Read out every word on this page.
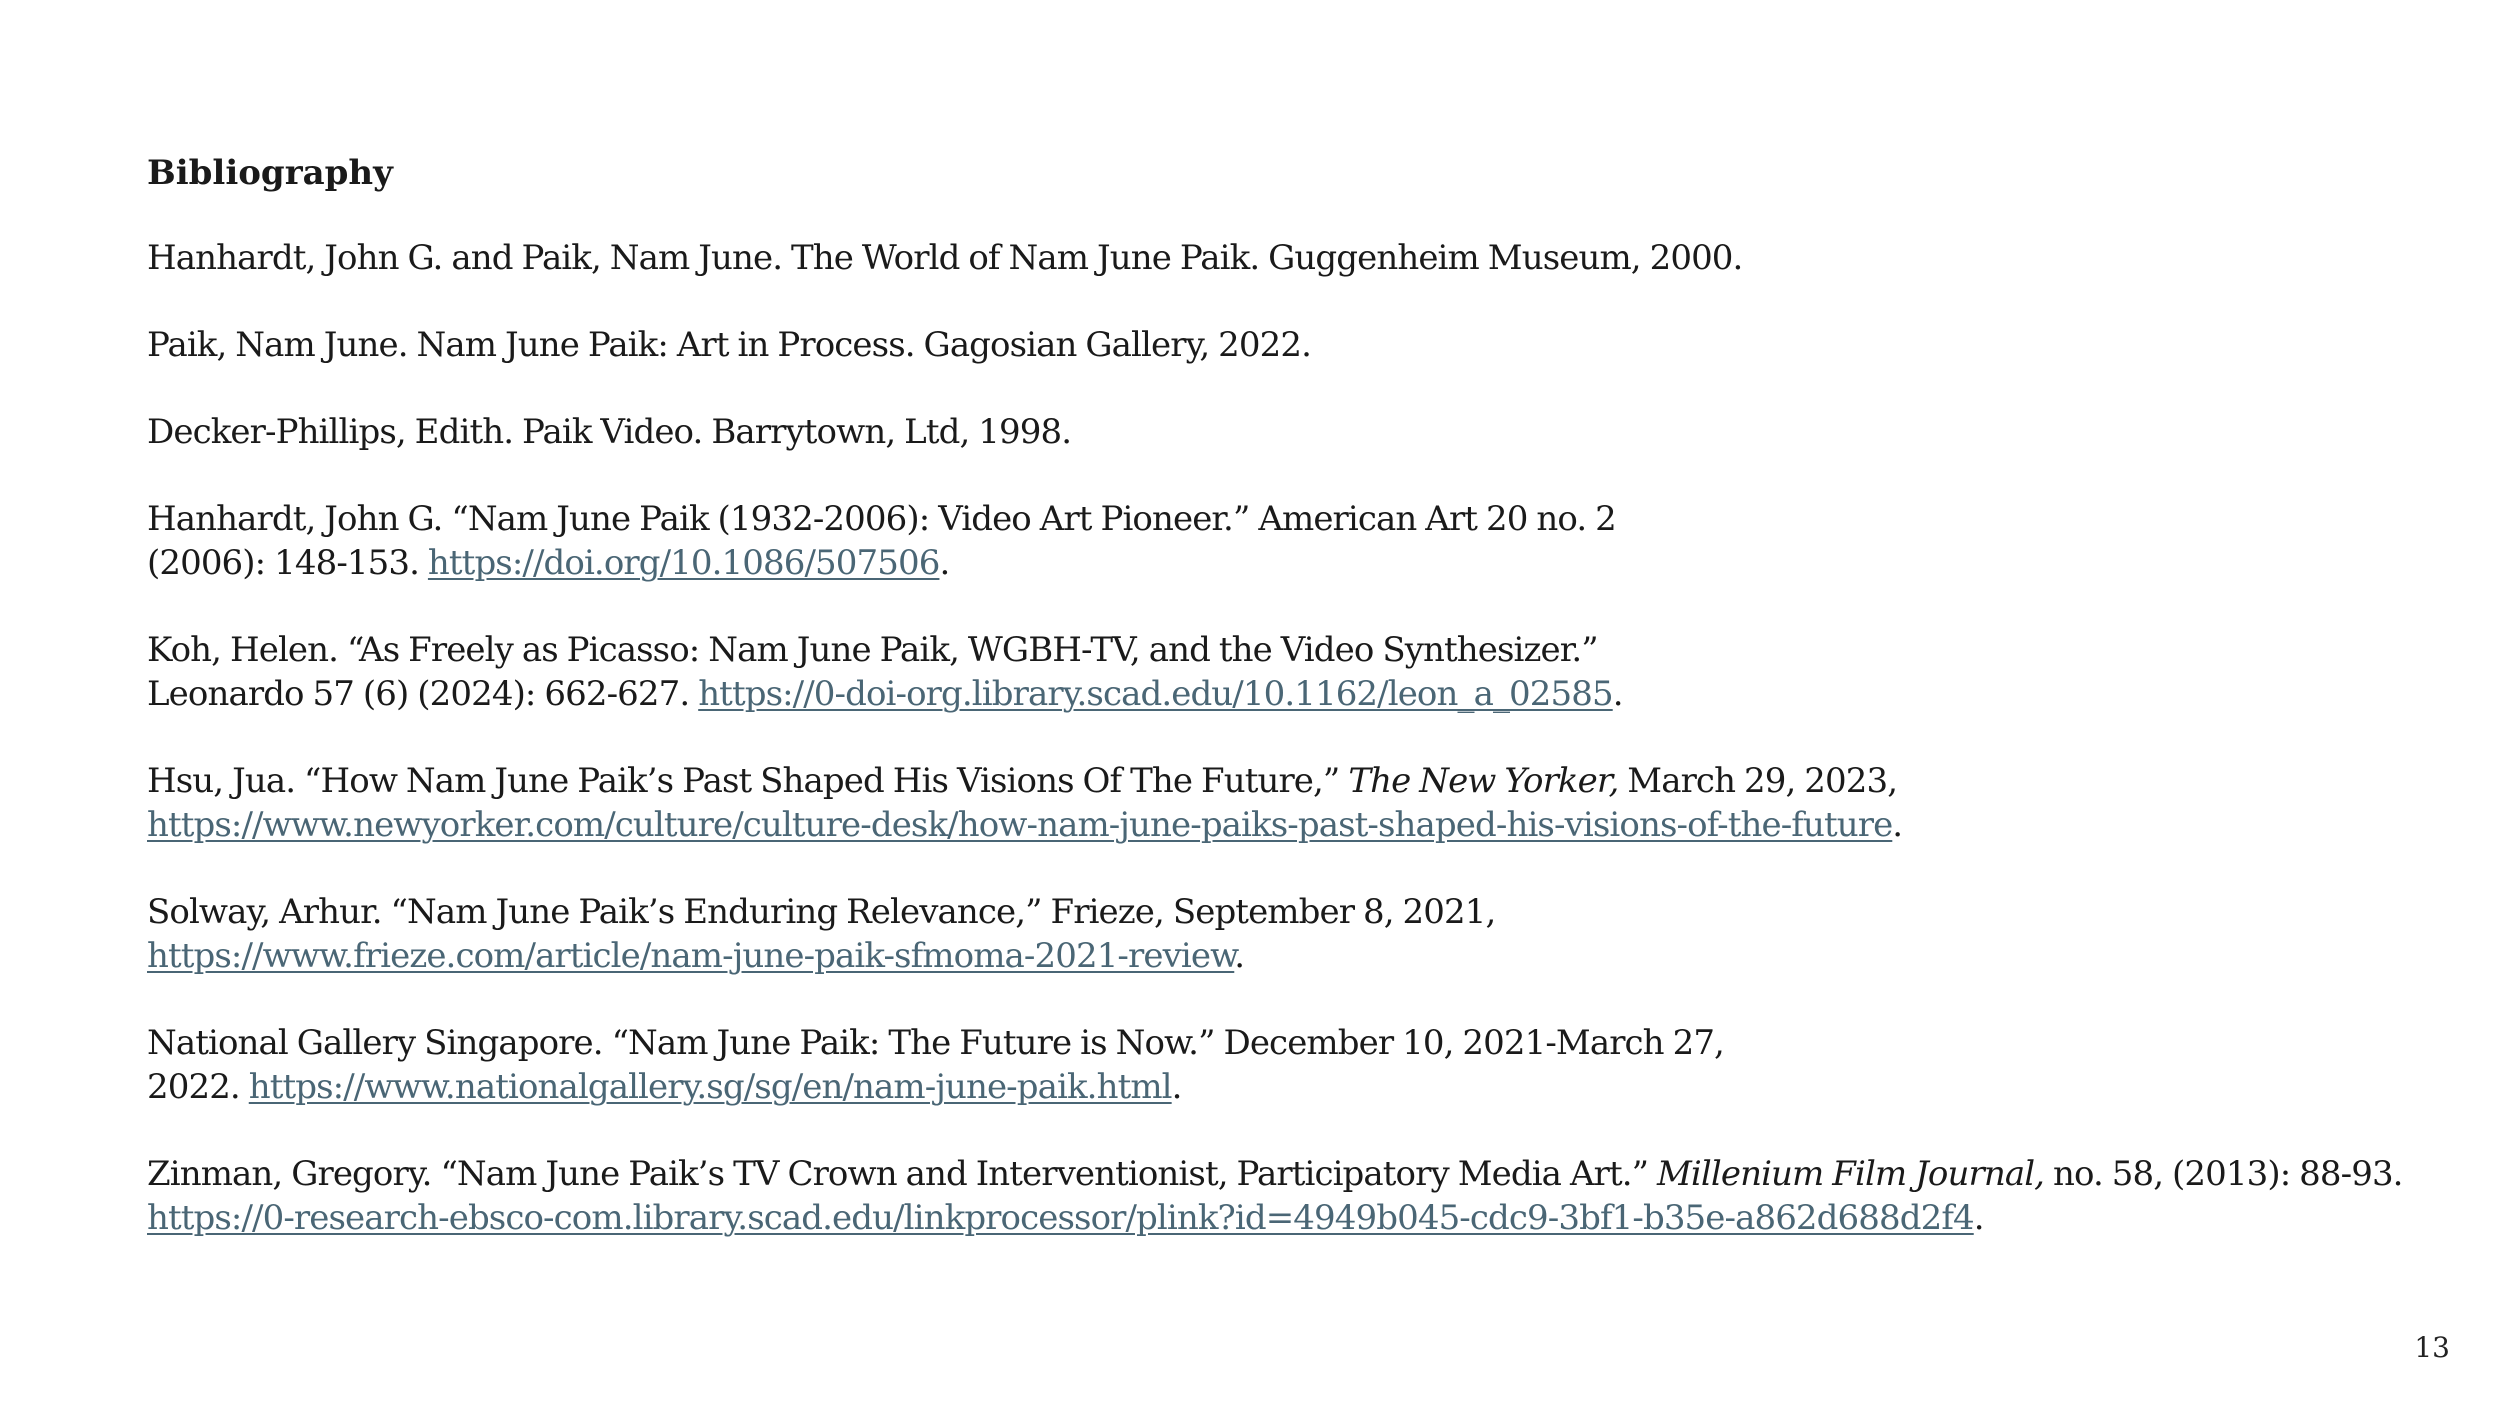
Bibliography
Hanhardt, John G. and Paik, Nam June. The World of Nam June Paik. Guggenheim Museum, 2000.
Paik, Nam June. Nam June Paik: Art in Process. Gagosian Gallery, 2022.
Decker-Phillips, Edith. Paik Video. Barrytown, Ltd, 1998.
Hanhardt, John G. “Nam June Paik (1932-2006): Video Art Pioneer.” American Art 20 no. 2
(2006): 148-153. https://doi.org/10.1086/507506.
Koh, Helen. “As Freely as Picasso: Nam June Paik, WGBH-TV, and the Video Synthesizer.”
Leonardo 57 (6) (2024): 662-627. https://0-doi-org.library.scad.edu/10.1162/leon_a_02585.
Hsu, Jua. “How Nam June Paik’s Past Shaped His Visions Of The Future,” The New Yorker, March 29, 2023,
https://www.newyorker.com/culture/culture-desk/how-nam-june-paiks-past-shaped-his-visions-of-the-future.
Solway, Arhur. “Nam June Paik’s Enduring Relevance,” Frieze, September 8, 2021,
https://www.frieze.com/article/nam-june-paik-sfmoma-2021-review.
National Gallery Singapore. “Nam June Paik: The Future is Now.” December 10, 2021-March 27,
2022. https://www.nationalgallery.sg/sg/en/nam-june-paik.html.
Zinman, Gregory. “Nam June Paik’s TV Crown and Interventionist, Participatory Media Art.” Millenium Film Journal, no. 58, (2013): 88-93.
https://0-research-ebsco-com.library.scad.edu/linkprocessor/plink?id=4949b045-cdc9-3bf1-b35e-a862d688d2f4.
13
